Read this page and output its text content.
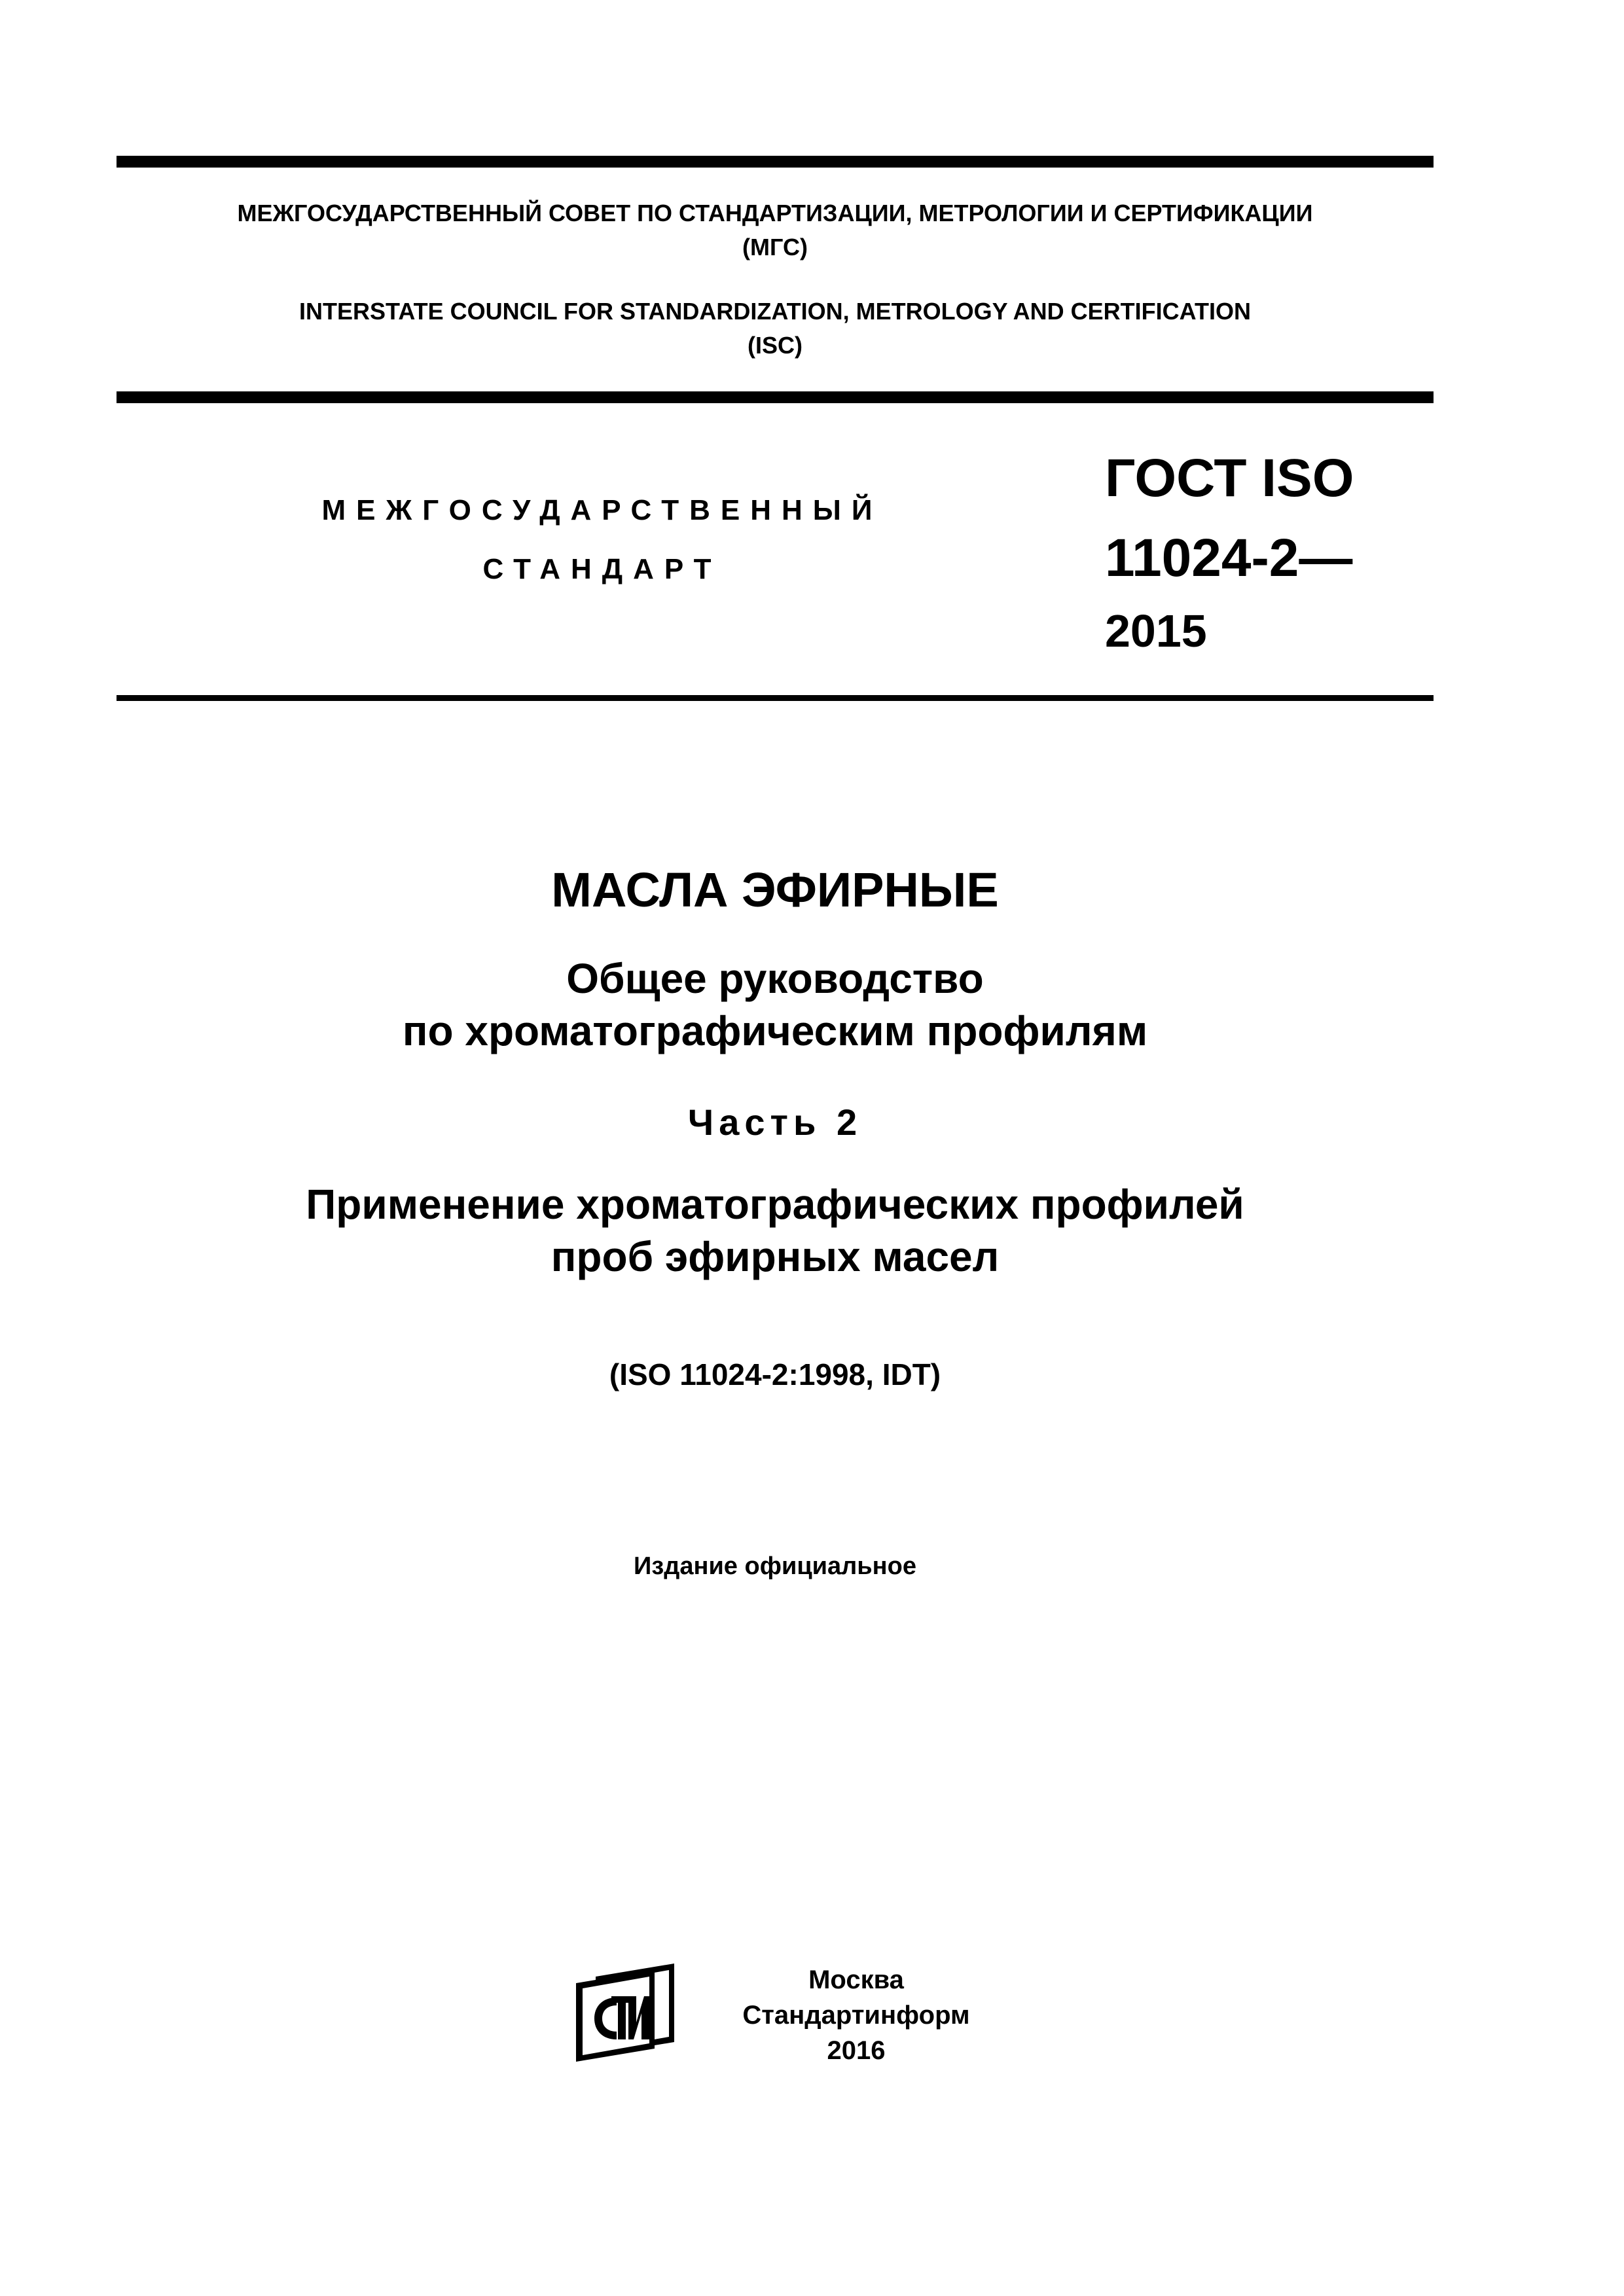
МЕЖГОСУДАРСТВЕННЫЙ СОВЕТ ПО СТАНДАРТИЗАЦИИ, МЕТРОЛОГИИ И СЕРТИФИКАЦИИ
(МГС)
INTERSTATE COUNCIL FOR STANDARDIZATION, METROLOGY AND CERTIFICATION
(ISC)
МЕЖГОСУДАРСТВЕННЫЙ
СТАНДАРТ
ГОСТ ISO
11024-2—
2015
МАСЛА ЭФИРНЫЕ
Общее руководство
по хроматографическим профилям
Часть 2
Применение хроматографических профилей
проб эфирных масел
(ISO 11024-2:1998, IDT)
Издание официальное
Москва
Стандартинформ
2016
